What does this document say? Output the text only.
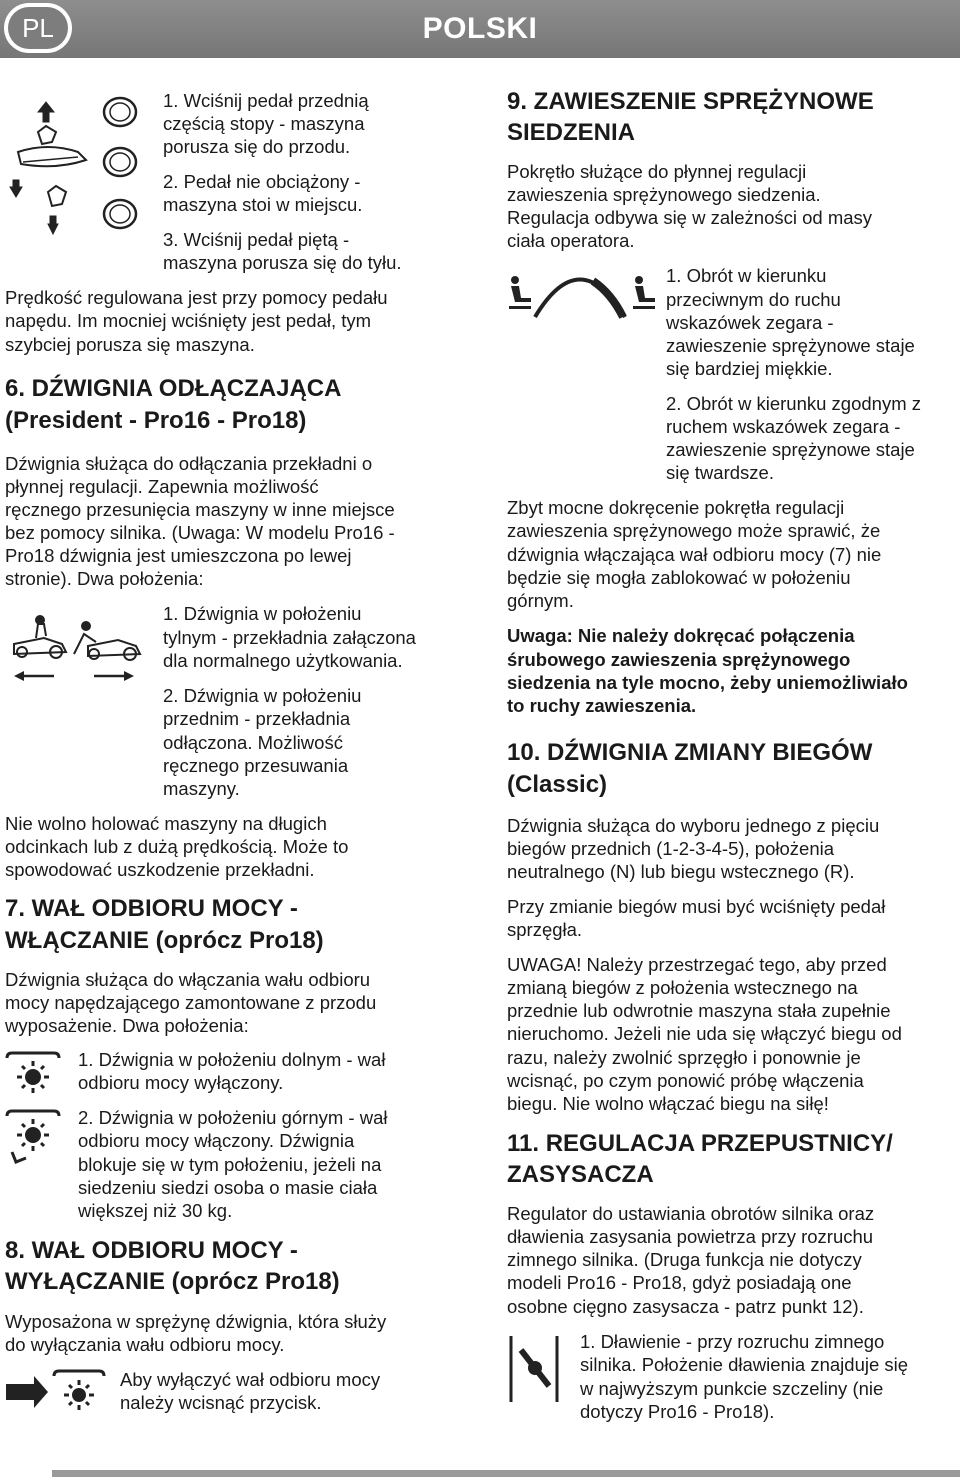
PL	POLSKI

1. Wciśnij pedał przednią

częścią stopy - maszyna

porusza się do przodu.

2. Pedał nie obciążony -

maszyna stoi w miejscu.

3. Wciśnij pedał piętą -

maszyna porusza się do tyłu.

Prędkość regulowana jest przy pomocy pedału

napędu. Im mocniej wciśnięty jest pedał, tym

szybciej porusza się maszyna.

6. DŹWIGNIA ODŁĄCZAJĄCA
(President - Pro16 - Pro18)

Dźwignia służąca do odłączania przekładni o

płynnej regulacji. Zapewnia możliwość

ręcznego przesunięcia maszyny w inne miejsce

bez pomocy silnika. (Uwaga: W modelu Pro16 -

Pro18 dźwignia jest umieszczona po lewej

stronie). Dwa położenia:

1. Dźwignia w położeniu

tylnym - przekładnia załączona

dla normalnego użytkowania.

2. Dźwignia w położeniu

przednim - przekładnia

odłączona. Możliwość

ręcznego przesuwania

maszyny.

Nie wolno holować maszyny na długich

odcinkach lub z dużą prędkością. Może to

spowodować uszkodzenie przekładni.

7. WAŁ ODBIORU MOCY -
WŁĄCZANIE (oprócz Pro18)

Dźwignia służąca do włączania wału odbioru

mocy napędzającego zamontowane z przodu

wyposażenie. Dwa położenia:

1. Dźwignia w położeniu dolnym - wał

odbioru mocy wyłączony.

2. Dźwignia w położeniu górnym - wał

odbioru mocy włączony. Dźwignia

blokuje się w tym położeniu, jeżeli na

siedzeniu siedzi osoba o masie ciała

większej niż 30 kg.

8. WAŁ ODBIORU MOCY -
WYŁĄCZANIE (oprócz Pro18)

Wyposażona w sprężynę dźwignia, która służy

do wyłączania wału odbioru mocy.

Aby wyłączyć wał odbioru mocy

należy wcisnąć przycisk.

9. ZAWIESZENIE SPRĘŻYNOWE
SIEDZENIA

Pokrętło służące do płynnej regulacji

zawieszenia sprężynowego siedzenia.

Regulacja odbywa się w zależności od masy

ciała operatora.

1. Obrót w kierunku

przeciwnym do ruchu

wskazówek zegara -

zawieszenie sprężynowe staje

się bardziej miękkie.

2. Obrót w kierunku zgodnym z

ruchem wskazówek zegara -

zawieszenie sprężynowe staje

się twardsze.

Zbyt mocne dokręcenie pokrętła regulacji

zawieszenia sprężynowego może sprawić, że

dźwignia włączająca wał odbioru mocy (7) nie

będzie się mogła zablokować w położeniu

górnym.

Uwaga: Nie należy dokręcać połączenia

śrubowego zawieszenia sprężynowego

siedzenia na tyle mocno, żeby uniemożliwiało

to ruchy zawieszenia.

10. DŹWIGNIA ZMIANY BIEGÓW
(Classic)

Dźwignia służąca do wyboru jednego z pięciu

biegów przednich (1-2-3-4-5), położenia

neutralnego (N) lub biegu wstecznego (R).

Przy zmianie biegów musi być wciśnięty pedał

sprzęgła.

UWAGA! Należy przestrzegać tego, aby przed

zmianą biegów z położenia wstecznego na

przednie lub odwrotnie maszyna stała zupełnie

nieruchomo. Jeżeli nie uda się włączyć biegu od

razu, należy zwolnić sprzęgło i ponownie je

wcisnąć, po czym ponowić próbę włączenia

biegu. Nie wolno włączać biegu na siłę!

11. REGULACJA PRZEPUSTNICY/
ZASYSACZA

Regulator do ustawiania obrotów silnika oraz

dławienia zasysania powietrza przy rozruchu

zimnego silnika. (Druga funkcja nie dotyczy

modeli Pro16 - Pro18, gdyż posiadają one

osobne cięgno zasysacza - patrz punkt 12).

1. Dławienie - przy rozruchu zimnego

silnika. Położenie dławienia znajduje się

w najwyższym punkcie szczeliny (nie

dotyczy Pro16 - Pro18).
